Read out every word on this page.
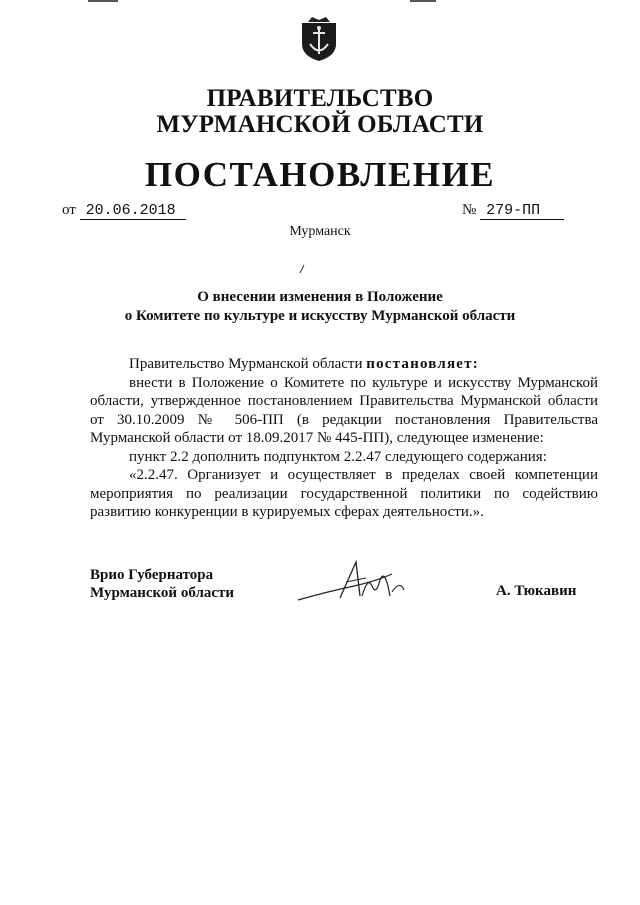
ПРАВИТЕЛЬСТВО
МУРМАНСКОЙ ОБЛАСТИ
ПОСТАНОВЛЕНИЕ
от 20.06.2018	№ 279-ПП
Мурманск
О внесении изменения в Положение
о Комитете по культуре и искусству Мурманской области

Правительство Мурманской области постановляет:

внести в Положение о Комитете по культуре и искусству Мурманской

области, утвержденное постановлением Правительства Мурманской области

от 30.10.2009 № 506-ПП (в редакции постановления Правительства

Мурманской области от 18.09.2017 № 445-ПП), следующее изменение:

пункт 2.2 дополнить подпунктом 2.2.47 следующего содержания:

«2.2.47. Организует и осуществляет в пределах своей компетенции

мероприятия по реализации государственной политики по содействию

развитию конкуренции в курируемых сферах деятельности.».

Врио Губернатора
Мурманской области	А. Тюкавин
